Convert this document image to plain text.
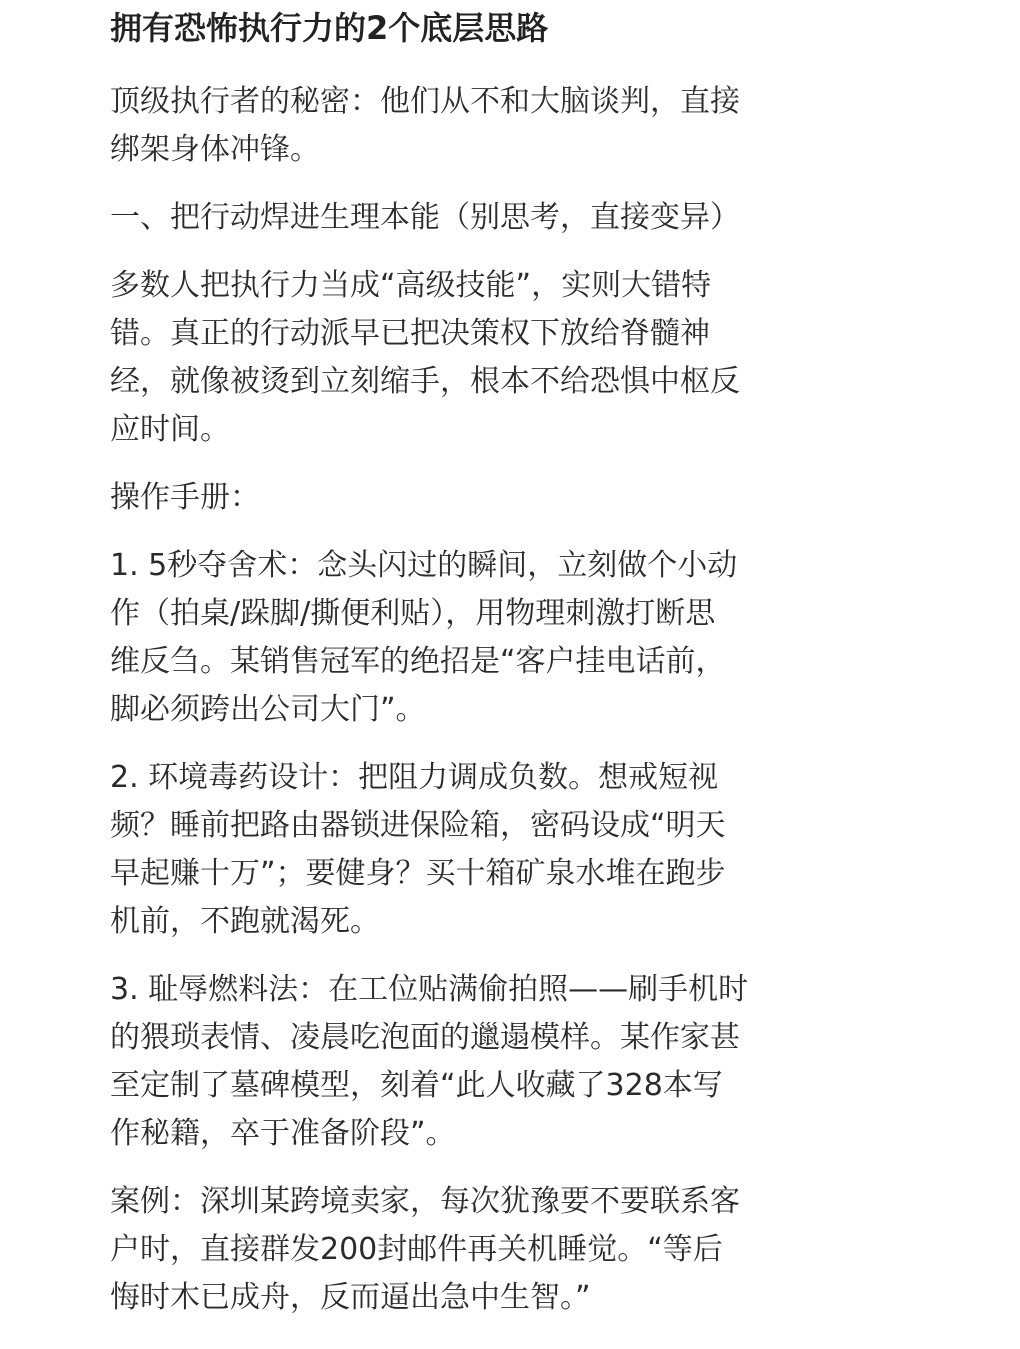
拥有恐怖执行力的2个底层思路
顶级执行者的秘密：他们从不和大脑谈判，直接
绑架身体冲锋。
一、把行动焊进生理本能（别思考，直接变异）
多数人把执行力当成“高级技能”，实则大错特
错。真正的行动派早已把决策权下放给脊髓神
经，就像被烫到立刻缩手，根本不给恐惧中枢反
应时间。
操作手册：
1. 5秒夺舍术：念头闪过的瞬间，立刻做个小动
作（拍桌/跺脚/撕便利贴），用物理刺激打断思
维反刍。某销售冠军的绝招是“客户挂电话前，
脚必须跨出公司大门”。
2. 环境毒药设计：把阻力调成负数。想戒短视
频？睡前把路由器锁进保险箱，密码设成“明天
早起赚十万”；要健身？买十箱矿泉水堆在跑步
机前，不跑就渴死。
3. 耻辱燃料法：在工位贴满偷拍照——刷手机时
的猥琐表情、凌晨吃泡面的邋遢模样。某作家甚
至定制了墓碑模型，刻着“此人收藏了328本写
作秘籍，卒于准备阶段”。
案例：深圳某跨境卖家，每次犹豫要不要联系客
户时，直接群发200封邮件再关机睡觉。“等后
悔时木已成舟，反而逼出急中生智。”
